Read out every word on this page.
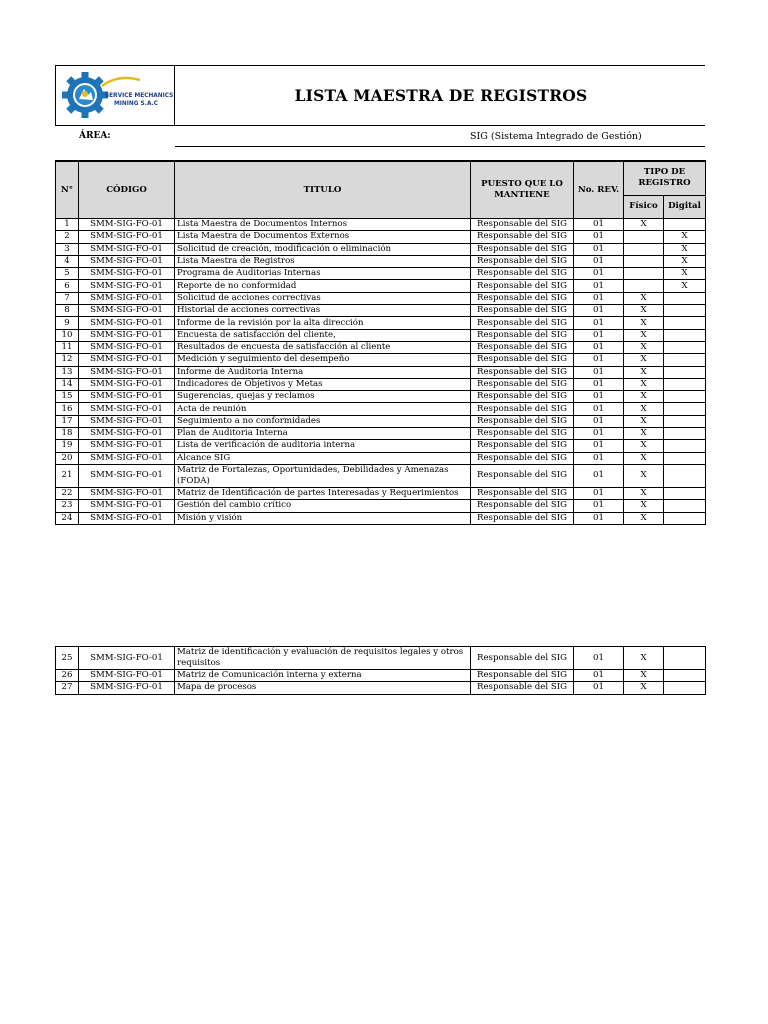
SERVICE MECHANICS
MINING S.A.C	LISTA MAESTRA DE REGISTROS
ÁREA:	SIG (Sistema Integrado de Gestión)
N°	CÓDIGO	TITULO	PUESTO QUE LO MANTIENE	No. REV.	TIPO DE REGISTRO	
					Físico	Digital
1	SMM-SIG-FO-01	Lista Maestra de Documentos Internos	Responsable del SIG	01	X	
2	SMM-SIG-FO-01	Lista Maestra de Documentos Externos	Responsable del SIG	01		X
3	SMM-SIG-FO-01	Solicitud de creación, modificación o eliminación	Responsable del SIG	01		X
4	SMM-SIG-FO-01	Lista Maestra de Registros	Responsable del SIG	01		X
5	SMM-SIG-FO-01	Programa de Auditorias Internas	Responsable del SIG	01		X
6	SMM-SIG-FO-01	Reporte de no conformidad	Responsable del SIG	01		X
7	SMM-SIG-FO-01	Solicitud de acciones correctivas	Responsable del SIG	01	X	
8	SMM-SIG-FO-01	Historial de acciones correctivas	Responsable del SIG	01	X	
9	SMM-SIG-FO-01	Informe de la revisión por la alta dirección	Responsable del SIG	01	X	
10	SMM-SIG-FO-01	Encuesta de satisfacción del cliente,	Responsable del SIG	01	X	
11	SMM-SIG-FO-01	Resultados de encuesta de satisfacción al cliente	Responsable del SIG	01	X	
12	SMM-SIG-FO-01	Medición y seguimiento del desempeño	Responsable del SIG	01	X	
13	SMM-SIG-FO-01	Informe de Auditoria Interna	Responsable del SIG	01	X	
14	SMM-SIG-FO-01	Indicadores de Objetivos y Metas	Responsable del SIG	01	X	
15	SMM-SIG-FO-01	Sugerencias, quejas y reclamos	Responsable del SIG	01	X	
16	SMM-SIG-FO-01	Acta de reunión	Responsable del SIG	01	X	
17	SMM-SIG-FO-01	Seguimiento a no conformidades	Responsable del SIG	01	X	
18	SMM-SIG-FO-01	Plan de Auditoria Interna	Responsable del SIG	01	X	
19	SMM-SIG-FO-01	Lista de verificación de auditoria interna	Responsable del SIG	01	X	
20	SMM-SIG-FO-01	Alcance SIG	Responsable del SIG	01	X	
21	SMM-SIG-FO-01	Matriz de Fortalezas, Oportunidades, Debilidades y Amenazas (FODA)	Responsable del SIG	01	X	
22	SMM-SIG-FO-01	Matriz de Identificación de partes Interesadas y Requerimientos	Responsable del SIG	01	X	
23	SMM-SIG-FO-01	Gestión del cambio crítico	Responsable del SIG	01	X	
24	SMM-SIG-FO-01	Misión y visión	Responsable del SIG	01	X	
25	SMM-SIG-FO-01	Matriz de identificación y evaluación de requisitos legales y otros requisitos	Responsable del SIG	01	X	
26	SMM-SIG-FO-01	Matriz de Comunicación interna y externa	Responsable del SIG	01	X	
27	SMM-SIG-FO-01	Mapa de procesos	Responsable del SIG	01	X	
